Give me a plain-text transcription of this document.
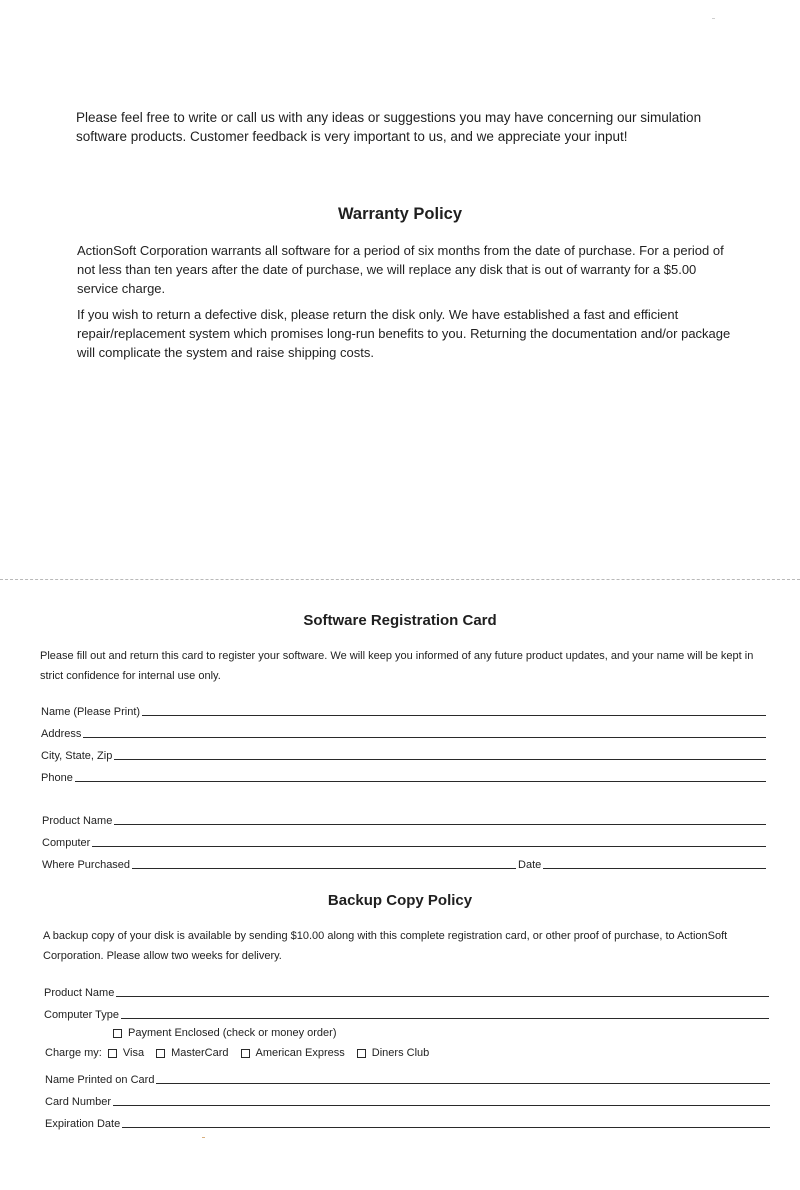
Please feel free to write or call us with any ideas or suggestions you may have concerning our simulation software products. Customer feedback is very important to us, and we appreciate your input!
Warranty Policy
ActionSoft Corporation warrants all software for a period of six months from the date of purchase. For a period of not less than ten years after the date of purchase, we will replace any disk that is out of warranty for a $5.00 service charge.
If you wish to return a defective disk, please return the disk only. We have established a fast and efficient repair/replacement system which promises long-run benefits to you. Returning the documentation and/or package will complicate the system and raise shipping costs.
Software Registration Card
Please fill out and return this card to register your software. We will keep you informed of any future product updates, and your name will be kept in strict confidence for internal use only.
Name (Please Print)
Address
City, State, Zip
Phone
Product Name
Computer
Where Purchased	Date
Backup Copy Policy
A backup copy of your disk is available by sending $10.00 along with this complete registration card, or other proof of purchase, to ActionSoft Corporation. Please allow two weeks for delivery.
Product Name
Computer Type
Payment Enclosed (check or money order)
Charge my: Visa MasterCard American Express Diners Club
Name Printed on Card
Card Number
Expiration Date
